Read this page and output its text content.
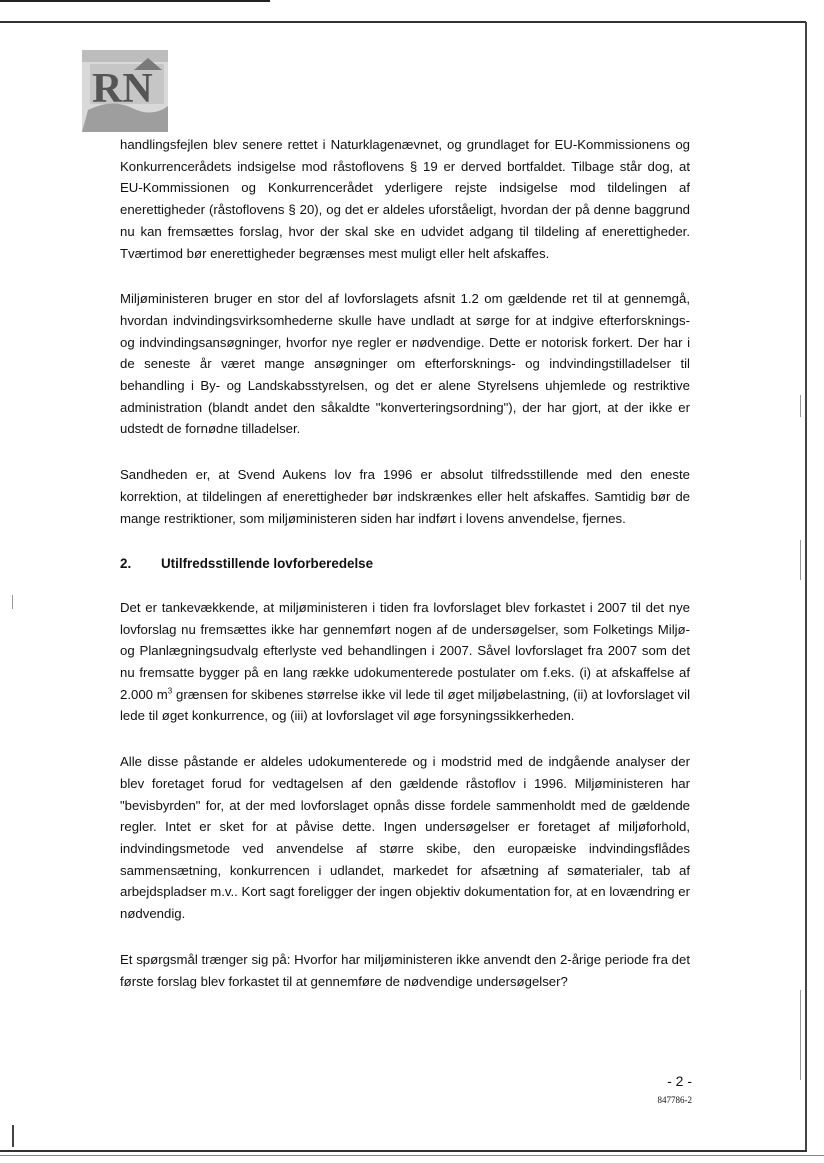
RN

handlingsfejlen blev senere rettet i Naturklagenævnet, og grundlaget for EU-Kommissionens og Konkurrencerådets indsigelse mod råstoflovens § 19 er derved bortfaldet. Tilbage står dog, at EU-Kommissionen og Konkurrencerådet yderligere rejste indsigelse mod tildelingen af enerettigheder (råstoflovens § 20), og det er aldeles uforståeligt, hvordan der på denne baggrund nu kan fremsættes forslag, hvor der skal ske en udvidet adgang til tildeling af enerettigheder. Tværtimod bør enerettigheder begrænses mest muligt eller helt afskaffes.

Miljøministeren bruger en stor del af lovforslagets afsnit 1.2 om gældende ret til at gennemgå, hvordan indvindingsvirksomhederne skulle have undladt at sørge for at indgive efterforsknings- og indvindingsansøgninger, hvorfor nye regler er nødvendige. Dette er notorisk forkert. Der har i de seneste år været mange ansøgninger om efterforsknings- og indvindingstilladelser til behandling i By- og Landskabsstyrelsen, og det er alene Styrelsens uhjemlede og restriktive administration (blandt andet den såkaldte "konverteringsordning"), der har gjort, at der ikke er udstedt de fornødne tilladelser.

Sandheden er, at Svend Aukens lov fra 1996 er absolut tilfredsstillende med den eneste korrektion, at tildelingen af enerettigheder bør indskrænkes eller helt afskaffes. Samtidig bør de mange restriktioner, som miljøministeren siden har indført i lovens anvendelse, fjernes.

2.	Utilfredsstillende lovforberedelse

Det er tankevækkende, at miljøministeren i tiden fra lovforslaget blev forkastet i 2007 til det nye lovforslag nu fremsættes ikke har gennemført nogen af de undersøgelser, som Folketings Miljø- og Planlægningsudvalg efterlyste ved behandlingen i 2007. Såvel lovforslaget fra 2007 som det nu fremsatte bygger på en lang række udokumenterede postulater om f.eks. (i) at afskaffelse af 2.000 $m^3$ grænsen for skibenes størrelse ikke vil lede til øget miljøbelastning, (ii) at lovforslaget vil lede til øget konkurrence, og (iii) at lovforslaget vil øge forsyningssikkerheden.

Alle disse påstande er aldeles udokumenterede og i modstrid med de indgående analyser der blev foretaget forud for vedtagelsen af den gældende råstoflov i 1996. Miljøministeren har "bevisbyrden" for, at der med lovforslaget opnås disse fordele sammenholdt med de gældende regler. Intet er sket for at påvise dette. Ingen undersøgelser er foretaget af miljøforhold, indvindingsmetode ved anvendelse af større skibe, den europæiske indvindingsflådes sammensætning, konkurrencen i udlandet, markedet for afsætning af sømaterialer, tab af arbejdspladser m.v.. Kort sagt foreligger der ingen objektiv dokumentation for, at en lovændring er nødvendig.

Et spørgsmål trænger sig på: Hvorfor har miljøministeren ikke anvendt den 2-årige periode fra det første forslag blev forkastet til at gennemføre de nødvendige undersøgelser?

- 2 -
847786-2
